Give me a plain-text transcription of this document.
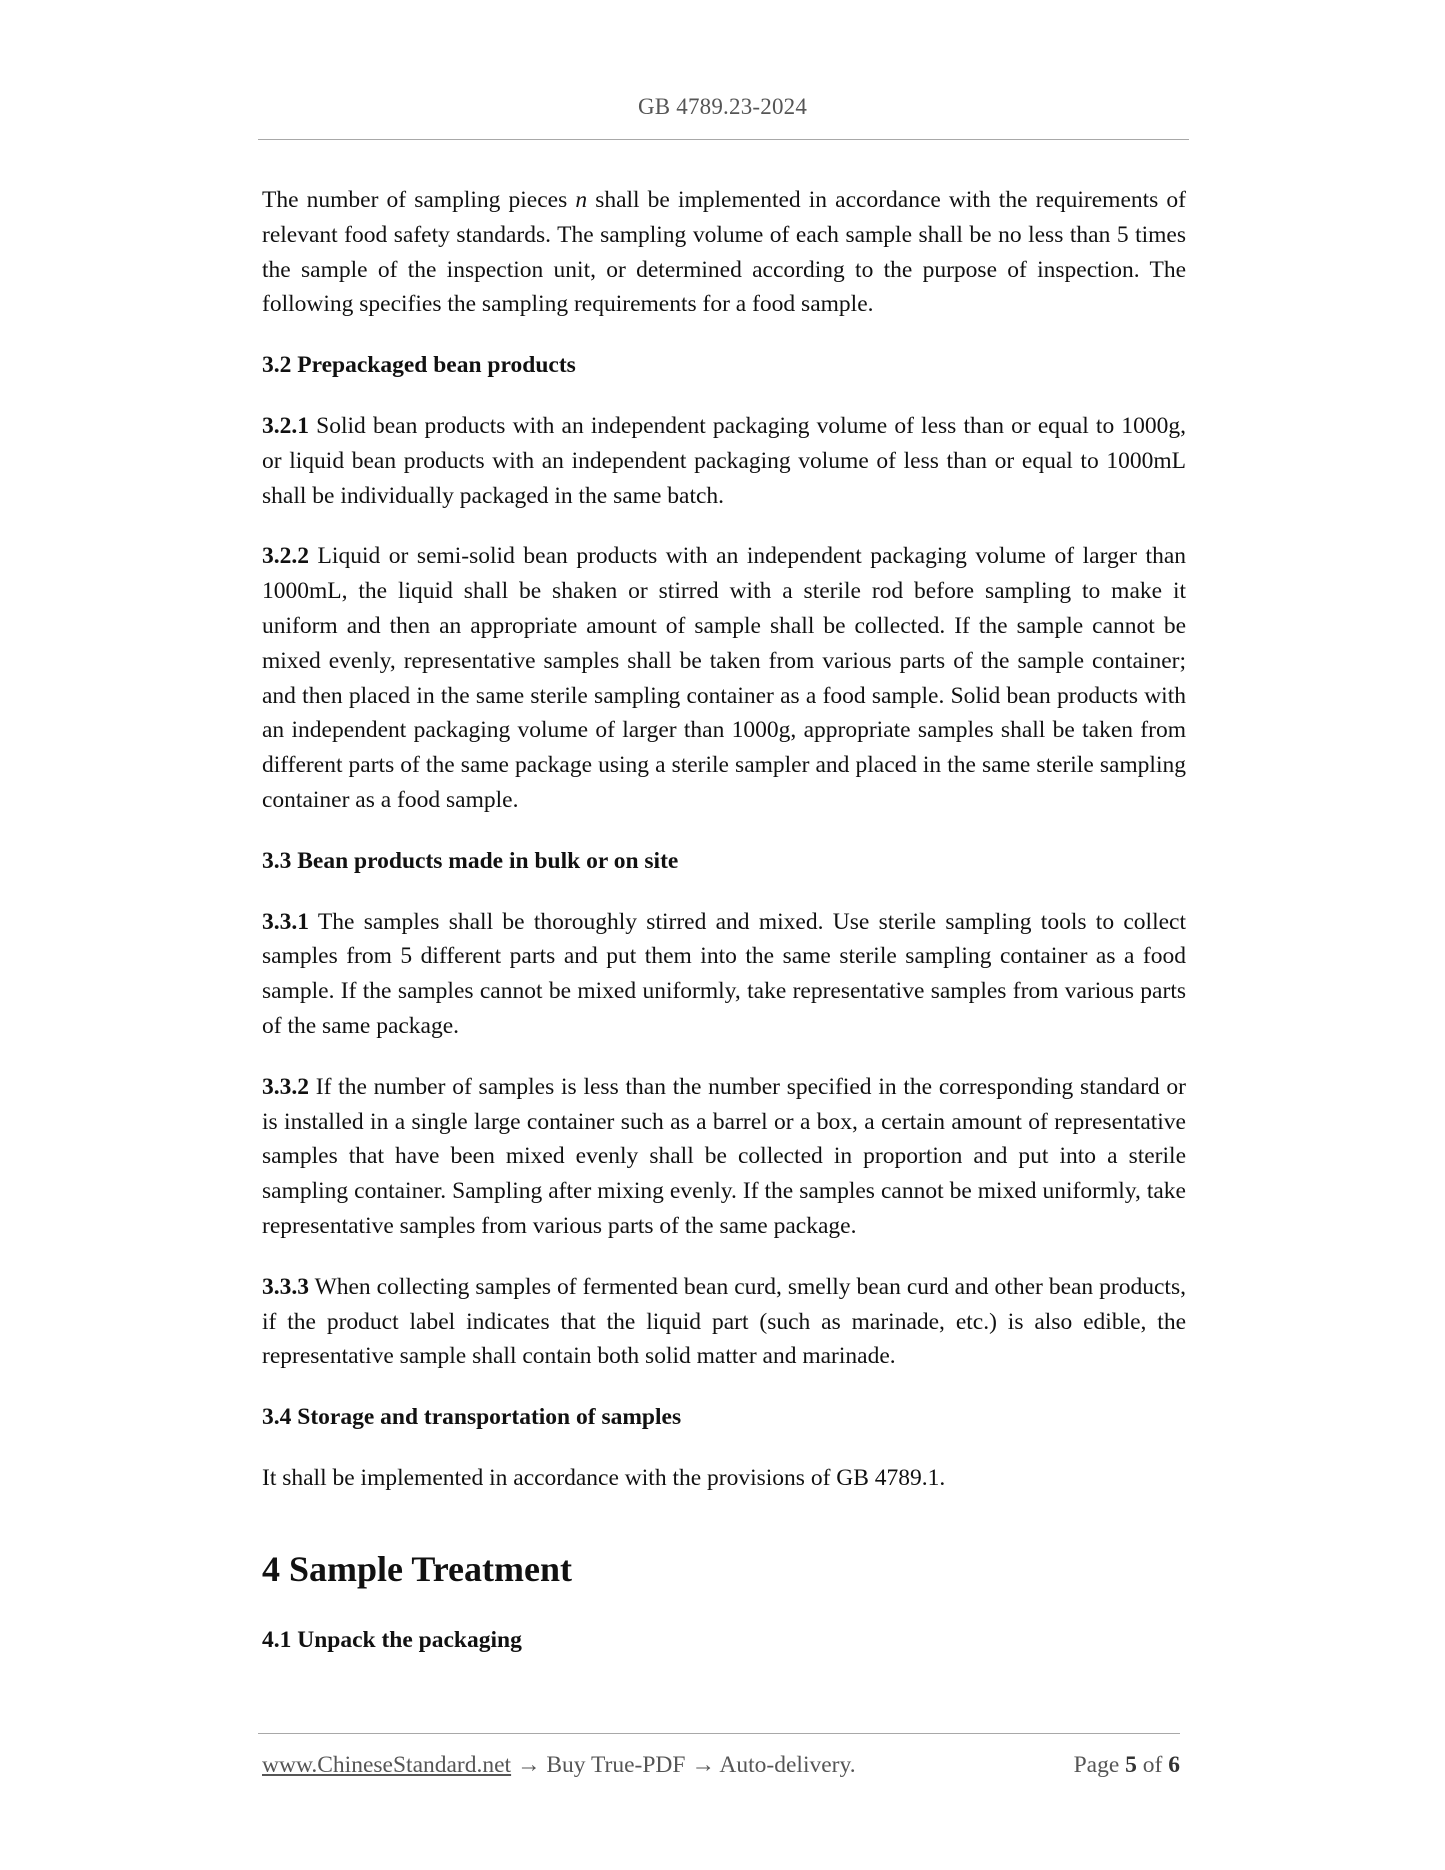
GB 4789.23-2024

The number of sampling pieces n shall be implemented in accordance with the requirements of relevant food safety standards. The sampling volume of each sample shall be no less than 5 times the sample of the inspection unit, or determined according to the purpose of inspection. The following specifies the sampling requirements for a food sample.

3.2 Prepackaged bean products

3.2.1 Solid bean products with an independent packaging volume of less than or equal to 1000g, or liquid bean products with an independent packaging volume of less than or equal to 1000mL shall be individually packaged in the same batch.

3.2.2 Liquid or semi-solid bean products with an independent packaging volume of larger than 1000mL, the liquid shall be shaken or stirred with a sterile rod before sampling to make it uniform and then an appropriate amount of sample shall be collected. If the sample cannot be mixed evenly, representative samples shall be taken from various parts of the sample container; and then placed in the same sterile sampling container as a food sample. Solid bean products with an independent packaging volume of larger than 1000g, appropriate samples shall be taken from different parts of the same package using a sterile sampler and placed in the same sterile sampling container as a food sample.

3.3 Bean products made in bulk or on site

3.3.1 The samples shall be thoroughly stirred and mixed. Use sterile sampling tools to collect samples from 5 different parts and put them into the same sterile sampling container as a food sample. If the samples cannot be mixed uniformly, take representative samples from various parts of the same package.

3.3.2 If the number of samples is less than the number specified in the corresponding standard or is installed in a single large container such as a barrel or a box, a certain amount of representative samples that have been mixed evenly shall be collected in proportion and put into a sterile sampling container. Sampling after mixing evenly. If the samples cannot be mixed uniformly, take representative samples from various parts of the same package.

3.3.3 When collecting samples of fermented bean curd, smelly bean curd and other bean products, if the product label indicates that the liquid part (such as marinade, etc.) is also edible, the representative sample shall contain both solid matter and marinade.

3.4 Storage and transportation of samples

It shall be implemented in accordance with the provisions of GB 4789.1.

4 Sample Treatment
4.1 Unpack the packaging
www.ChineseStandard.net → Buy True-PDF → Auto-delivery.	Page 5 of 6
